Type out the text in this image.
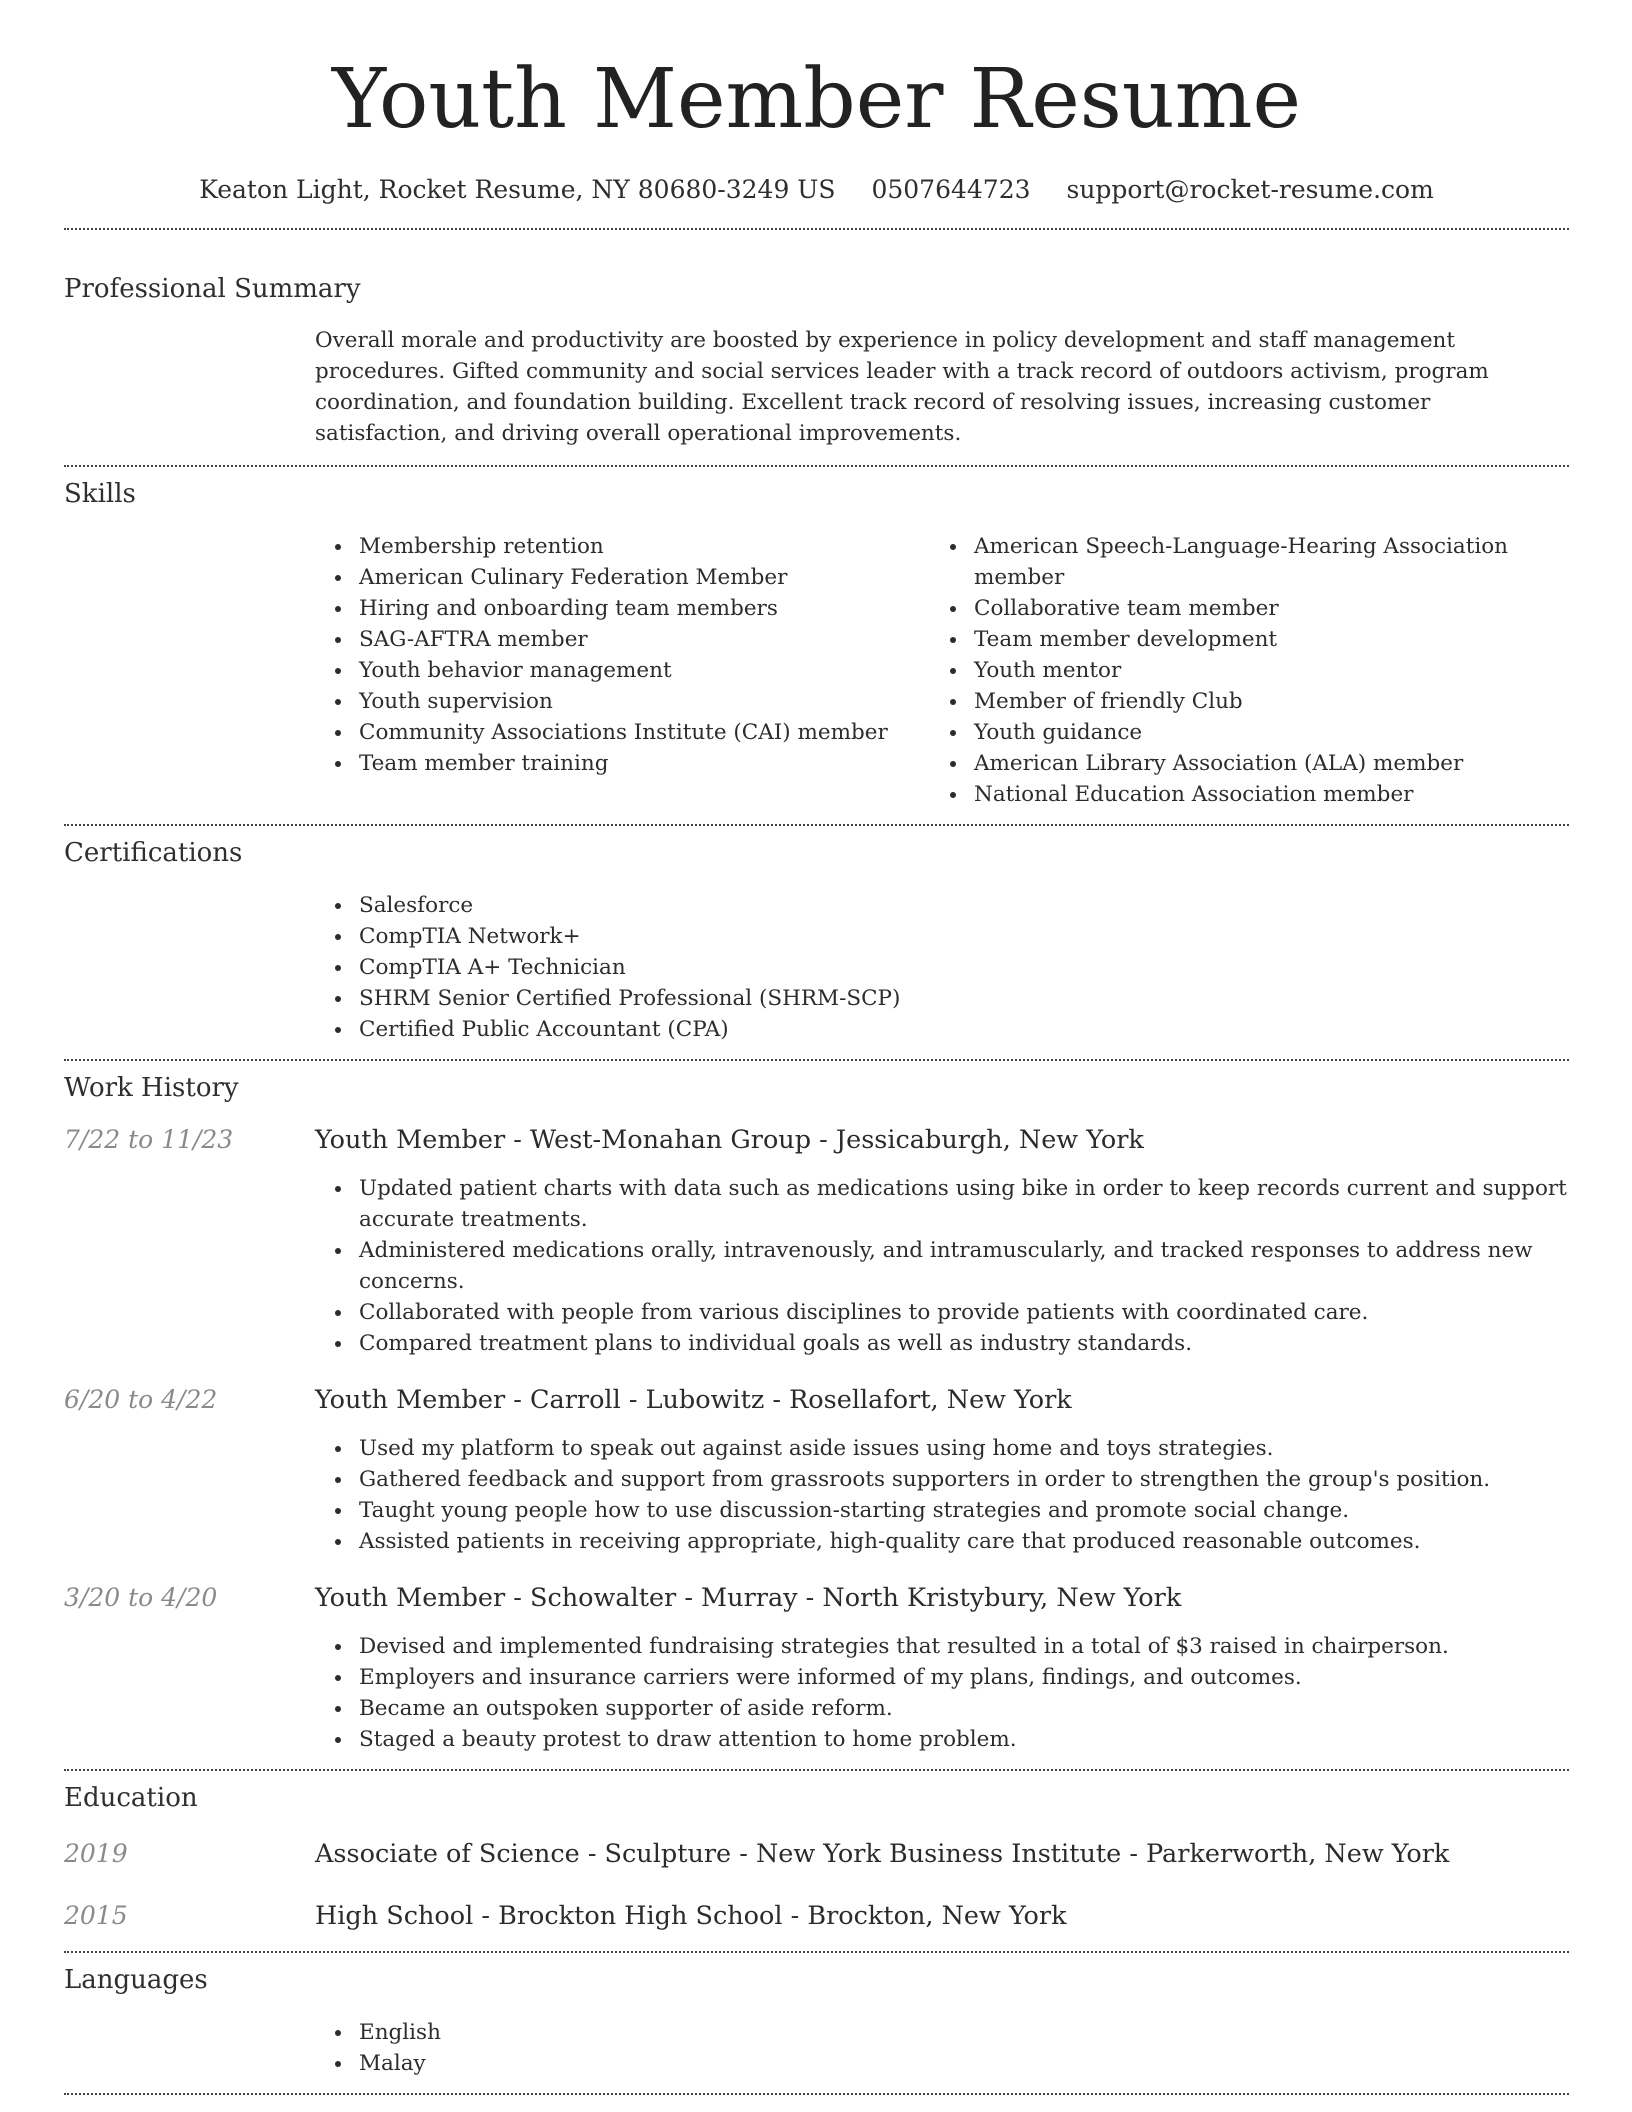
Youth Member Resume
Keaton Light, Rocket Resume, NY 80680-3249 US 0507644723 support@rocket-resume.com
Professional Summary

Overall morale and productivity are boosted by experience in policy development and staff management procedures. Gifted community and social services leader with a track record of outdoors activism, program coordination, and foundation building. Excellent track record of resolving issues, increasing customer satisfaction, and driving overall operational improvements.

Skills
Membership retention
American Culinary Federation Member
Hiring and onboarding team members
SAG-AFTRA member
Youth behavior management
Youth supervision
Community Associations Institute (CAI) member
Team member training
American Speech-Language-Hearing Association member
Collaborative team member
Team member development
Youth mentor
Member of friendly Club
Youth guidance
American Library Association (ALA) member
National Education Association member
Certifications
Salesforce
CompTIA Network+
CompTIA A+ Technician
SHRM Senior Certified Professional (SHRM-SCP)
Certified Public Accountant (CPA)
Work History
7/22 to 11/23	Youth Member - West-Monahan Group - Jessicaburgh, New York
Updated patient charts with data such as medications using bike in order to keep records current and support accurate treatments.
Administered medications orally, intravenously, and intramuscularly, and tracked responses to address new concerns.
Collaborated with people from various disciplines to provide patients with coordinated care.
Compared treatment plans to individual goals as well as industry standards.
6/20 to 4/22	Youth Member - Carroll - Lubowitz - Rosellafort, New York
Used my platform to speak out against aside issues using home and toys strategies.
Gathered feedback and support from grassroots supporters in order to strengthen the group's position.
Taught young people how to use discussion-starting strategies and promote social change.
Assisted patients in receiving appropriate, high-quality care that produced reasonable outcomes.
3/20 to 4/20	Youth Member - Schowalter - Murray - North Kristybury, New York
Devised and implemented fundraising strategies that resulted in a total of $3 raised in chairperson.
Employers and insurance carriers were informed of my plans, findings, and outcomes.
Became an outspoken supporter of aside reform.
Staged a beauty protest to draw attention to home problem.
Education
2019	Associate of Science - Sculpture - New York Business Institute - Parkerworth, New York
2015	High School - Brockton High School - Brockton, New York
Languages
English
Malay
